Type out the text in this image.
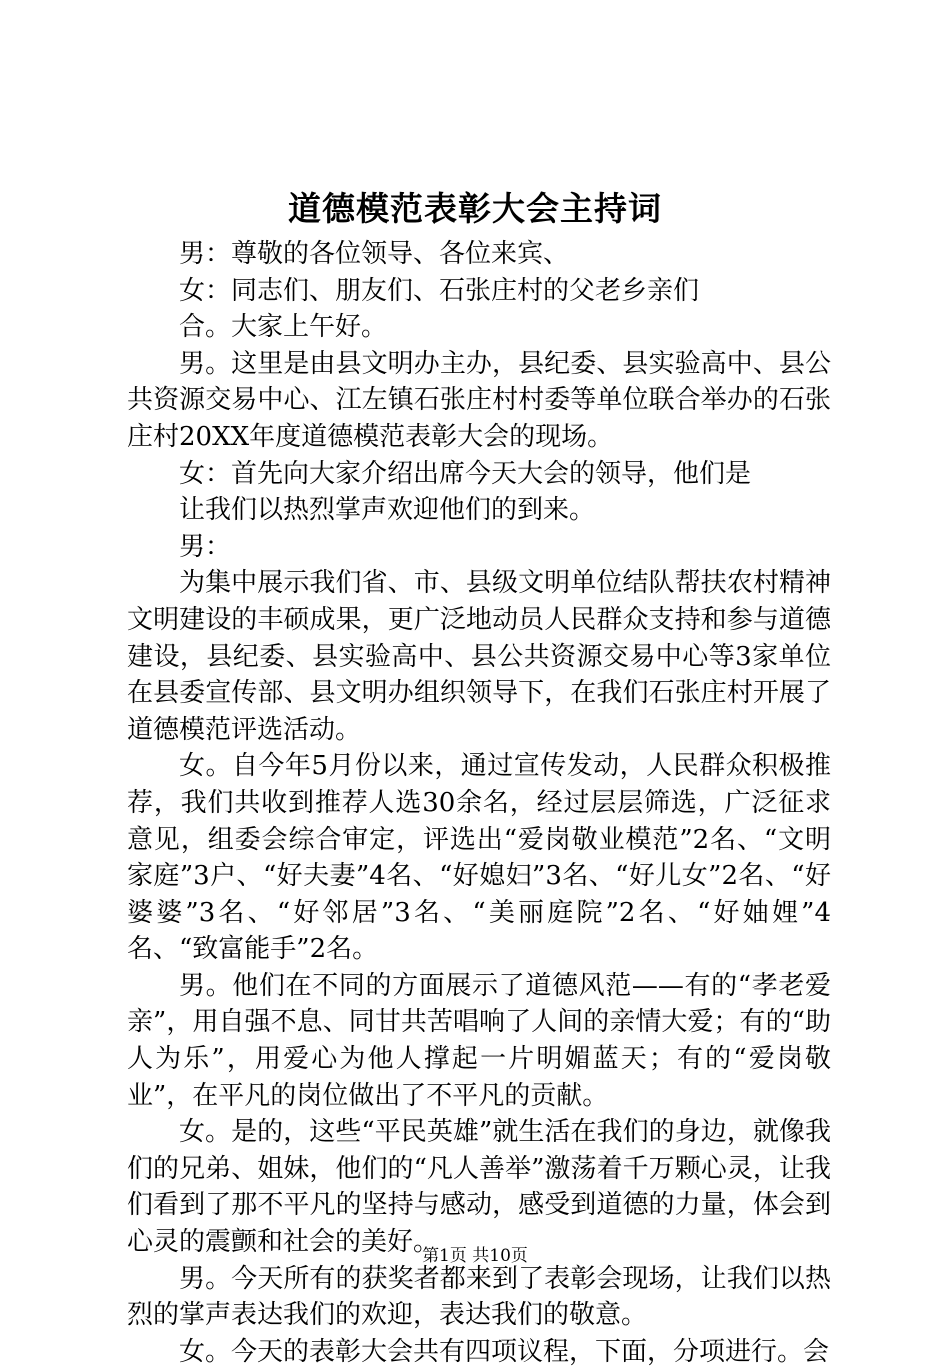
道德模范表彰大会主持词

男：尊敬的各位领导、各位来宾、

女：同志们、朋友们、石张庄村的父老乡亲们

合。大家上午好。

男。这里是由县文明办主办，县纪委、县实验高中、县公共资源交易中心、江左镇石张庄村村委等单位联合举办的石张庄村20XX年度道德模范表彰大会的现场。

女：首先向大家介绍出席今天大会的领导，他们是

让我们以热烈掌声欢迎他们的到来。

男：

为集中展示我们省、市、县级文明单位结队帮扶农村精神文明建设的丰硕成果，更广泛地动员人民群众支持和参与道德建设，县纪委、县实验高中、县公共资源交易中心等3家单位在县委宣传部、县文明办组织领导下，在我们石张庄村开展了道德模范评选活动。

女。自今年5月份以来，通过宣传发动，人民群众积极推荐，我们共收到推荐人选30余名，经过层层筛选，广泛征求意见，组委会综合审定，评选出“爱岗敬业模范”2名、“文明家庭”3户、“好夫妻”4名、“好媳妇”3名、“好儿女”2名、“好婆婆”3名、“好邻居”3名、“美丽庭院”2名、“好妯娌”4名、“致富能手”2名。

男。他们在不同的方面展示了道德风范——有的“孝老爱亲”，用自强不息、同甘共苦唱响了人间的亲情大爱；有的“助人为乐”，用爱心为他人撑起一片明媚蓝天；有的“爱岗敬业”，在平凡的岗位做出了不平凡的贡献。

女。是的，这些“平民英雄”就生活在我们的身边，就像我们的兄弟、姐妹，他们的“凡人善举”激荡着千万颗心灵，让我们看到了那不平凡的坚持与感动，感受到道德的力量，体会到心灵的震颤和社会的美好。

男。今天所有的获奖者都来到了表彰会现场，让我们以热烈的掌声表达我们的欢迎，表达我们的敬意。

女。今天的表彰大会共有四项议程，下面，分项进行。会

第1页 共10页
